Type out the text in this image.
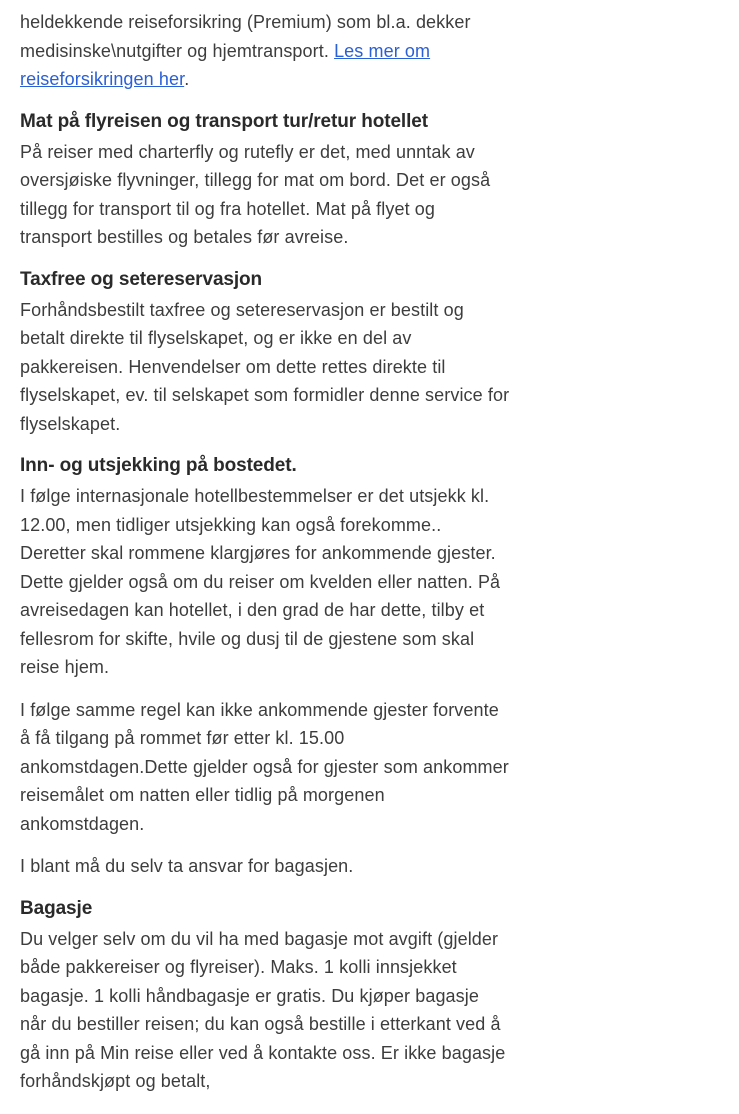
heldekkende reiseforsikring (Premium) som bl.a. dekker medisinske\nutgifter og hjemtransport. Les mer om reiseforsikringen her.

Mat på flyreisen og transport tur/retur hotellet

På reiser med charterfly og rutefly er det, med unntak av oversjøiske flyvninger, tillegg for mat om bord. Det er også tillegg for transport til og fra hotellet. Mat på flyet og transport bestilles og betales før avreise.

Taxfree og setereservasjon

Forhåndsbestilt taxfree og setereservasjon er bestilt og betalt direkte til flyselskapet, og er ikke en del av pakkereisen. Henvendelser om dette rettes direkte til flyselskapet, ev. til selskapet som formidler denne service for flyselskapet.

Inn- og utsjekking på bostedet.

I følge internasjonale hotellbestemmelser er det utsjekk kl. 12.00, men tidliger utsjekking kan også forekomme.. Deretter skal rommene klargjøres for ankommende gjester. Dette gjelder også om du reiser om kvelden eller natten. På avreisedagen kan hotellet, i den grad de har dette, tilby et fellesrom for skifte, hvile og dusj til de gjestene som skal reise hjem.

I følge samme regel kan ikke ankommende gjester forvente å få tilgang på rommet før etter kl. 15.00 ankomstdagen.Dette gjelder også for gjester som ankommer reisemålet om natten eller tidlig på morgenen ankomstdagen.

I blant må du selv ta ansvar for bagasjen.

Bagasje

Du velger selv om du vil ha med bagasje mot avgift (gjelder både pakkereiser og flyreiser). Maks. 1 kolli innsjekket bagasje. 1 kolli håndbagasje er gratis. Du kjøper bagasje når du bestiller reisen; du kan også bestille i etterkant ved å gå inn på Min reise eller ved å kontakte oss. Er ikke bagasje forhåndskjøpt og betalt,
